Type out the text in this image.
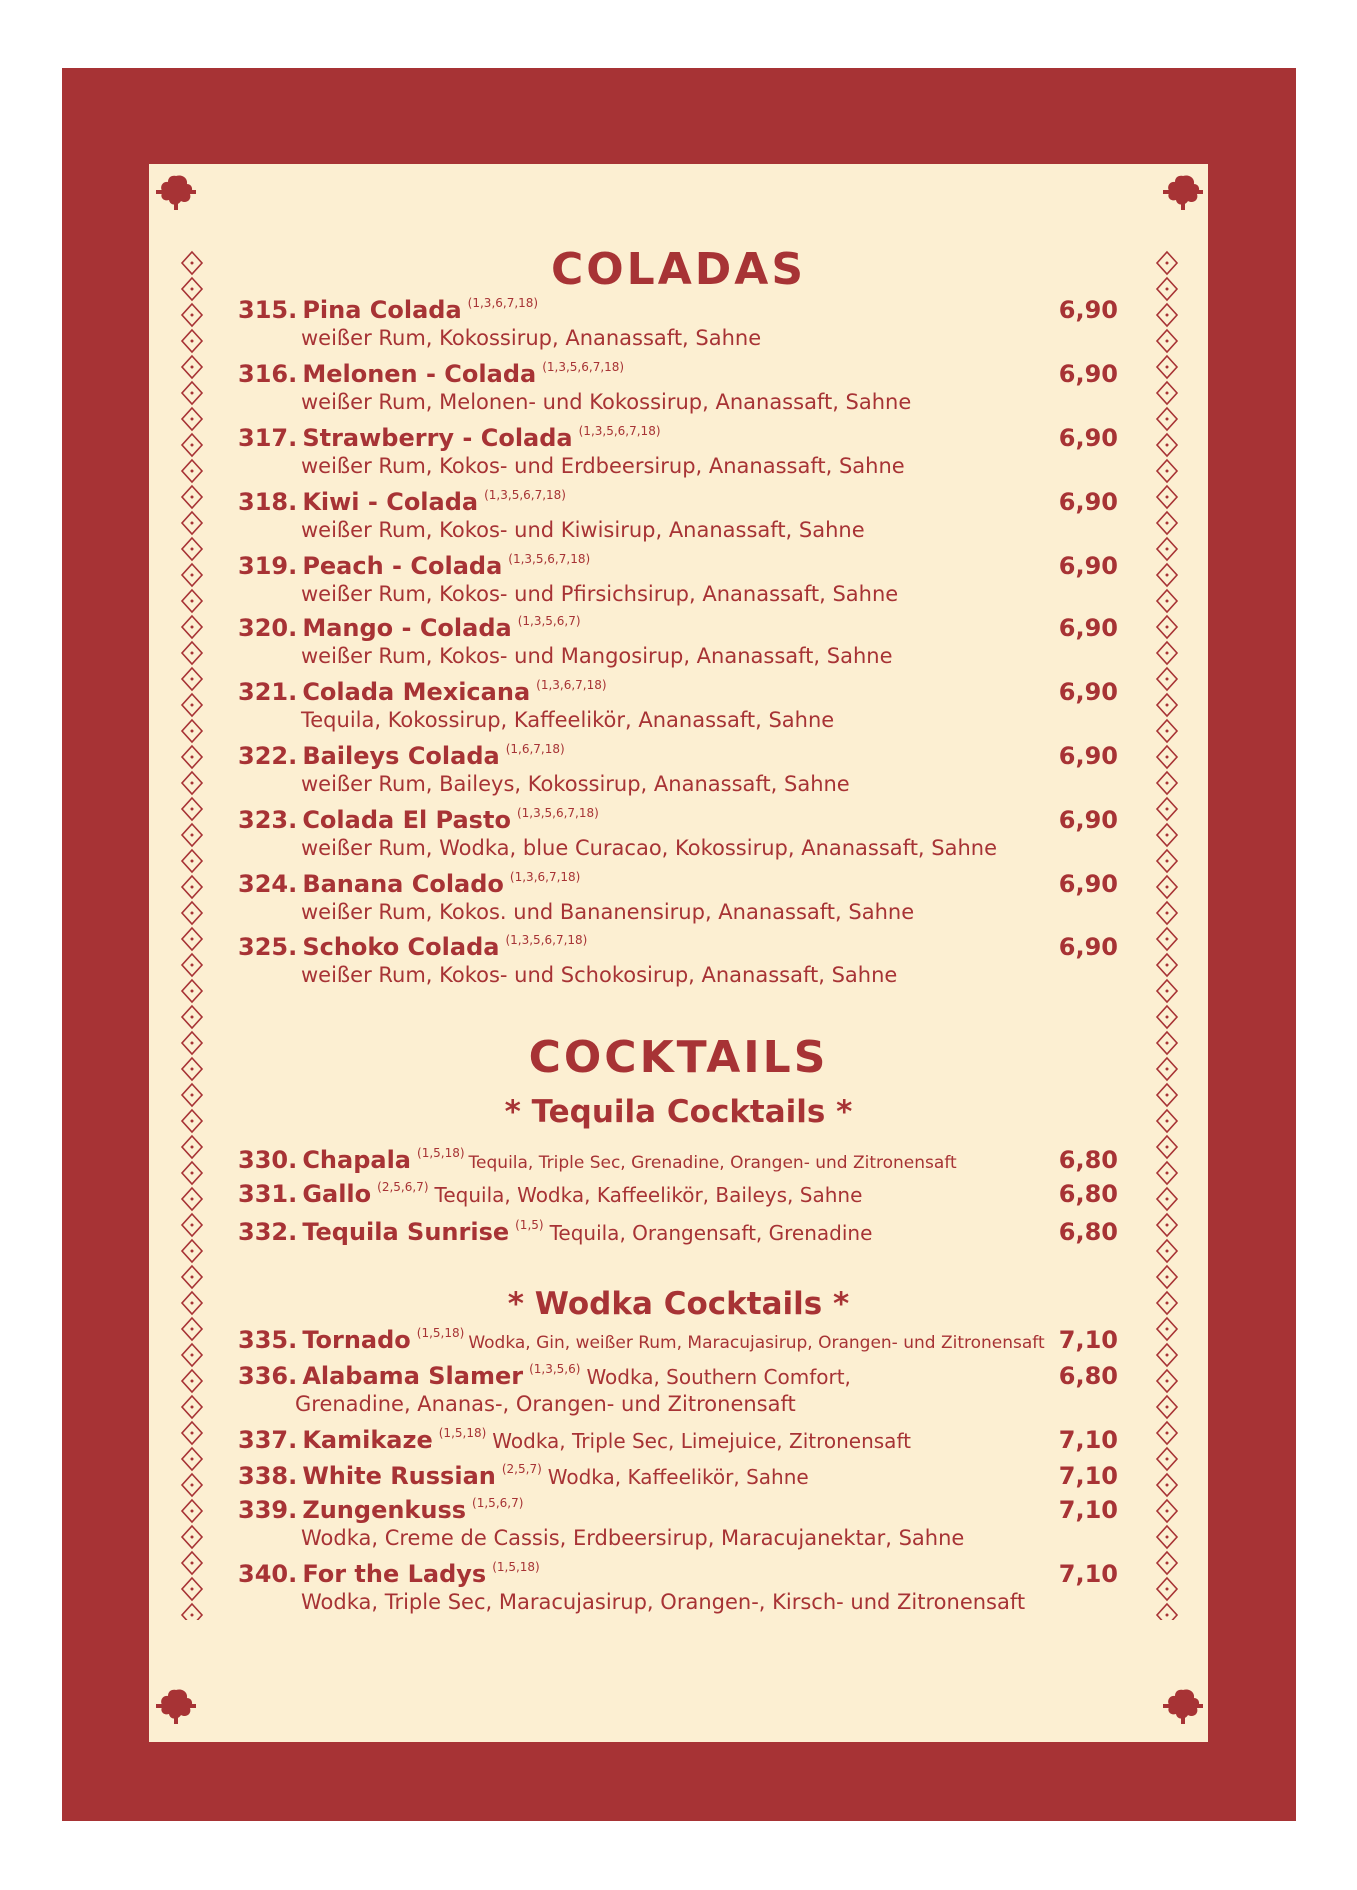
COLADAS
315. Pina Colada $^{(1,3,6,7,18)}$	6,90
weißer Rum, Kokossirup, Ananassaft, Sahne
316. Melonen - Colada $^{(1,3,5,6,7,18)}$	6,90
weißer Rum, Melonen- und Kokossirup, Ananassaft, Sahne
317. Strawberry - Colada $^{(1,3,5,6,7,18)}$	6,90
weißer Rum, Kokos- und Erdbeersirup, Ananassaft, Sahne
318. Kiwi - Colada $^{(1,3,5,6,7,18)}$	6,90
weißer Rum, Kokos- und Kiwisirup, Ananassaft, Sahne
319. Peach - Colada $^{(1,3,5,6,7,18)}$	6,90
weißer Rum, Kokos- und Pfirsichsirup, Ananassaft, Sahne
320. Mango - Colada $^{(1,3,5,6,7)}$	6,90
weißer Rum, Kokos- und Mangosirup, Ananassaft, Sahne
321. Colada Mexicana $^{(1,3,6,7,18)}$	6,90
Tequila, Kokossirup, Kaffeelikör, Ananassaft, Sahne
322. Baileys Colada $^{(1,6,7,18)}$	6,90
weißer Rum, Baileys, Kokossirup, Ananassaft, Sahne
323. Colada El Pasto $^{(1,3,5,6,7,18)}$	6,90
weißer Rum, Wodka, blue Curacao, Kokossirup, Ananassaft, Sahne
324. Banana Colado $^{(1,3,6,7,18)}$	6,90
weißer Rum, Kokos. und Bananensirup, Ananassaft, Sahne
325. Schoko Colada $^{(1,3,5,6,7,18)}$	6,90
weißer Rum, Kokos- und Schokosirup, Ananassaft, Sahne
COCKTAILS
* Tequila Cocktails *
330. Chapala $^{(1,5,18)}$ Tequila, Triple Sec, Grenadine, Orangen- und Zitronensaft	6,80
331. Gallo $^{(2,5,6,7)}$ Tequila, Wodka, Kaffeelikör, Baileys, Sahne	6,80
332. Tequila Sunrise $^{(1,5)}$ Tequila, Orangensaft, Grenadine	6,80
* Wodka Cocktails *
335. Tornado $^{(1,5,18)}$ Wodka, Gin, weißer Rum, Maracujasirup, Orangen- und Zitronensaft 7,10
336. Alabama Slamer $^{(1,3,5,6)}$ Wodka, Southern Comfort,	6,80
Grenadine, Ananas-, Orangen- und Zitronensaft
337. Kamikaze $^{(1,5,18)}$ Wodka, Triple Sec, Limejuice, Zitronensaft	7,10
338. White Russian $^{(2,5,7)}$ Wodka, Kaffeelikör, Sahne	7,10
339. Zungenkuss $^{(1,5,6,7)}$	7,10
Wodka, Creme de Cassis, Erdbeersirup, Maracujanektar, Sahne
340. For the Ladys $^{(1,5,18)}$	7,10
Wodka, Triple Sec, Maracujasirup, Orangen-, Kirsch- und Zitronensaft
